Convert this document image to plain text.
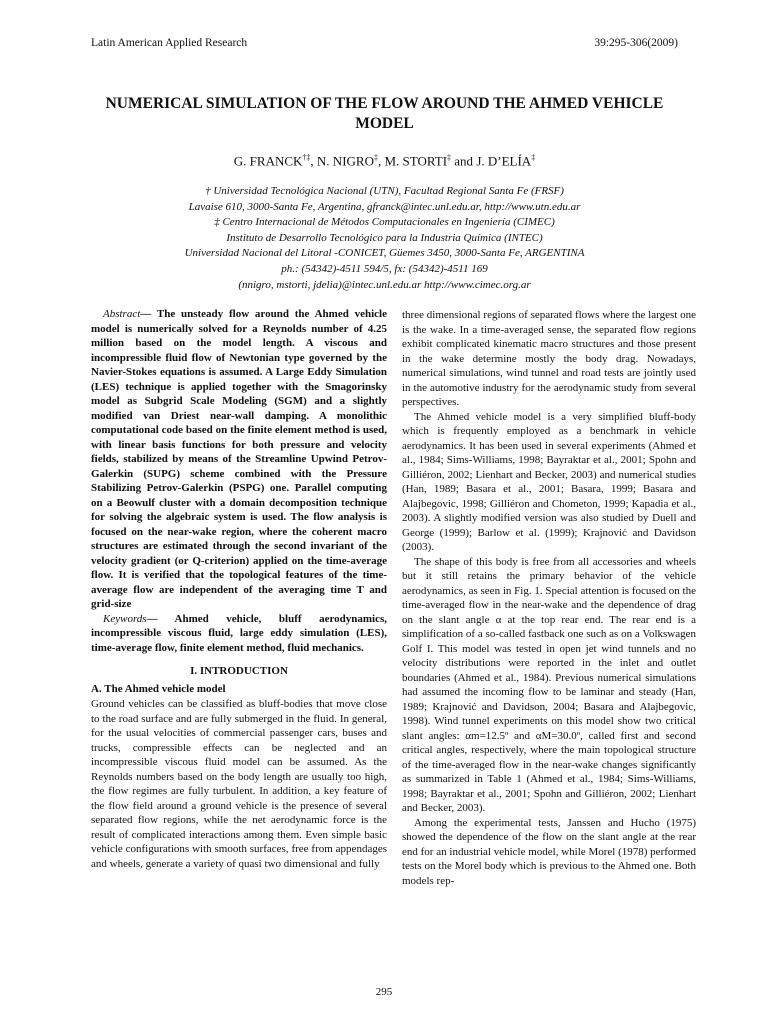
Latin American Applied Research	39:295-306(2009)
NUMERICAL SIMULATION OF THE FLOW AROUND THE AHMED VEHICLE MODEL
G. FRANCK†‡, N. NIGRO‡, M. STORTI‡ and J. D’ELÍA‡
† Universidad Tecnológica Nacional (UTN), Facultad Regional Santa Fe (FRSF)
Lavaise 610, 3000-Santa Fe, Argentina, gfranck@intec.unl.edu.ar, http://www.utn.edu.ar
‡ Centro Internacional de Métodos Computacionales en Ingeniería (CIMEC)
Instituto de Desarrollo Tecnológico para la Industria Química (INTEC)
Universidad Nacional del Litoral -CONICET, Güemes 3450, 3000-Santa Fe, ARGENTINA
ph.: (54342)-4511 594/5, fx: (54342)-4511 169
(nnigro, mstorti, jdelia)@intec.unl.edu.ar http://www.cimec.org.ar

Abstract— The unsteady flow around the Ahmed vehicle model is numerically solved for a Reynolds number of 4.25 million based on the model length. A viscous and incompressible fluid flow of Newtonian type governed by the Navier-Stokes equations is assumed. A Large Eddy Simulation (LES) technique is applied together with the Smagorinsky model as Subgrid Scale Modeling (SGM) and a slightly modified van Driest near-wall damping. A monolithic computational code based on the finite element method is used, with linear basis functions for both pressure and velocity fields, stabilized by means of the Streamline Upwind Petrov-Galerkin (SUPG) scheme combined with the Pressure Stabilizing Petrov-Galerkin (PSPG) one. Parallel computing on a Beowulf cluster with a domain decomposition technique for solving the algebraic system is used. The flow analysis is focused on the near-wake region, where the coherent macro structures are estimated through the second invariant of the velocity gradient (or Q-criterion) applied on the time-average flow. It is verified that the topological features of the time-average flow are independent of the averaging time T and grid-size

Keywords— Ahmed vehicle, bluff aerodynamics, incompressible viscous fluid, large eddy simulation (LES), time-average flow, finite element method, fluid mechanics.

I. INTRODUCTION
A. The Ahmed vehicle model

Ground vehicles can be classified as bluff-bodies that move close to the road surface and are fully submerged in the fluid. In general, for the usual velocities of commercial passenger cars, buses and trucks, compressible effects can be neglected and an incompressible viscous fluid model can be assumed. As the Reynolds numbers based on the body length are usually too high, the flow regimes are fully turbulent. In addition, a key feature of the flow field around a ground vehicle is the presence of several separated flow regions, while the net aerodynamic force is the result of complicated interactions among them. Even simple basic vehicle configurations with smooth surfaces, free from appendages and wheels, generate a variety of quasi two dimensional and fully

three dimensional regions of separated flows where the largest one is the wake. In a time-averaged sense, the separated flow regions exhibit complicated kinematic macro structures and those present in the wake determine mostly the body drag. Nowadays, numerical simulations, wind tunnel and road tests are jointly used in the automotive industry for the aerodynamic study from several perspectives.

The Ahmed vehicle model is a very simplified bluff-body which is frequently employed as a benchmark in vehicle aerodynamics. It has been used in several experiments (Ahmed et al., 1984; Sims-Williams, 1998; Bayraktar et al., 2001; Spohn and Gilliéron, 2002; Lienhart and Becker, 2003) and numerical studies (Han, 1989; Basara et al., 2001; Basara, 1999; Basara and Alajbegovic, 1998; Gilliéron and Chometon, 1999; Kapadia et al., 2003). A slightly modified version was also studied by Duell and George (1999); Barlow et al. (1999); Krajnović and Davidson (2003).

The shape of this body is free from all accessories and wheels but it still retains the primary behavior of the vehicle aerodynamics, as seen in Fig. 1. Special attention is focused on the time-averaged flow in the near-wake and the dependence of drag on the slant angle α at the top rear end. The rear end is a simplification of a so-called fastback one such as on a Volkswagen Golf I. This model was tested in open jet wind tunnels and no velocity distributions were reported in the inlet and outlet boundaries (Ahmed et al., 1984). Previous numerical simulations had assumed the incoming flow to be laminar and steady (Han, 1989; Krajnović and Davidson, 2004; Basara and Alajbegovic, 1998). Wind tunnel experiments on this model show two critical slant angles: αm=12.5º and αM=30.0º, called first and second critical angles, respectively, where the main topological structure of the time-averaged flow in the near-wake changes significantly as summarized in Table 1 (Ahmed et al., 1984; Sims-Williams, 1998; Bayraktar et al., 2001; Spohn and Gilliéron, 2002; Lienhart and Becker, 2003).

Among the experimental tests, Janssen and Hucho (1975) showed the dependence of the flow on the slant angle at the rear end for an industrial vehicle model, while Morel (1978) performed tests on the Morel body which is previous to the Ahmed one. Both models rep-

295
